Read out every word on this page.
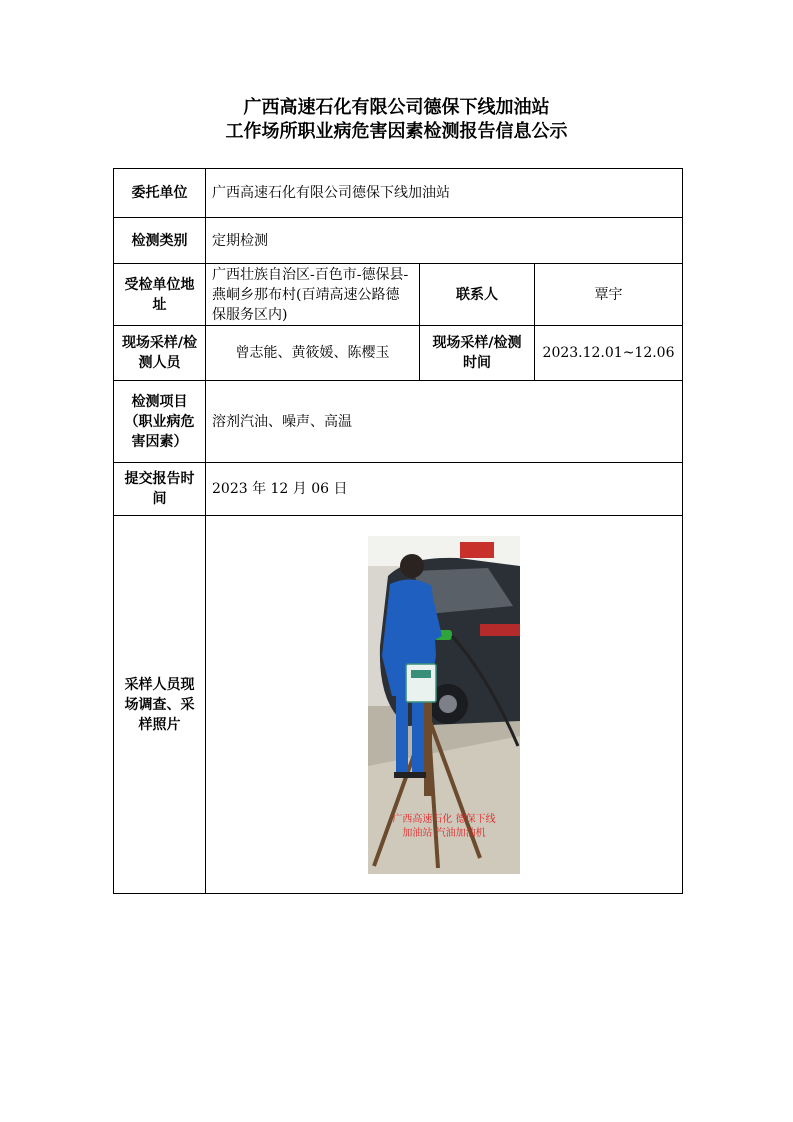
广西高速石化有限公司德保下线加油站
工作场所职业病危害因素检测报告信息公示
委托单位	广西高速石化有限公司德保下线加油站		
检测类别	定期检测		
受检单位地址	广西壮族自治区-百色市-德保县-燕峒乡那布村(百靖高速公路德保服务区内)	联系人	覃宇
现场采样/检测人员	曾志能、黄筱媛、陈樱玉	现场采样/检测时间	2023.12.01~12.06
检测项目（职业病危害因素）	溶剂汽油、噪声、高温		
提交报告时间	2023 年 12 月 06 日		
采样人员现场调查、采样照片	广西高速石化 德保下线
加油站 汽油加油机		
